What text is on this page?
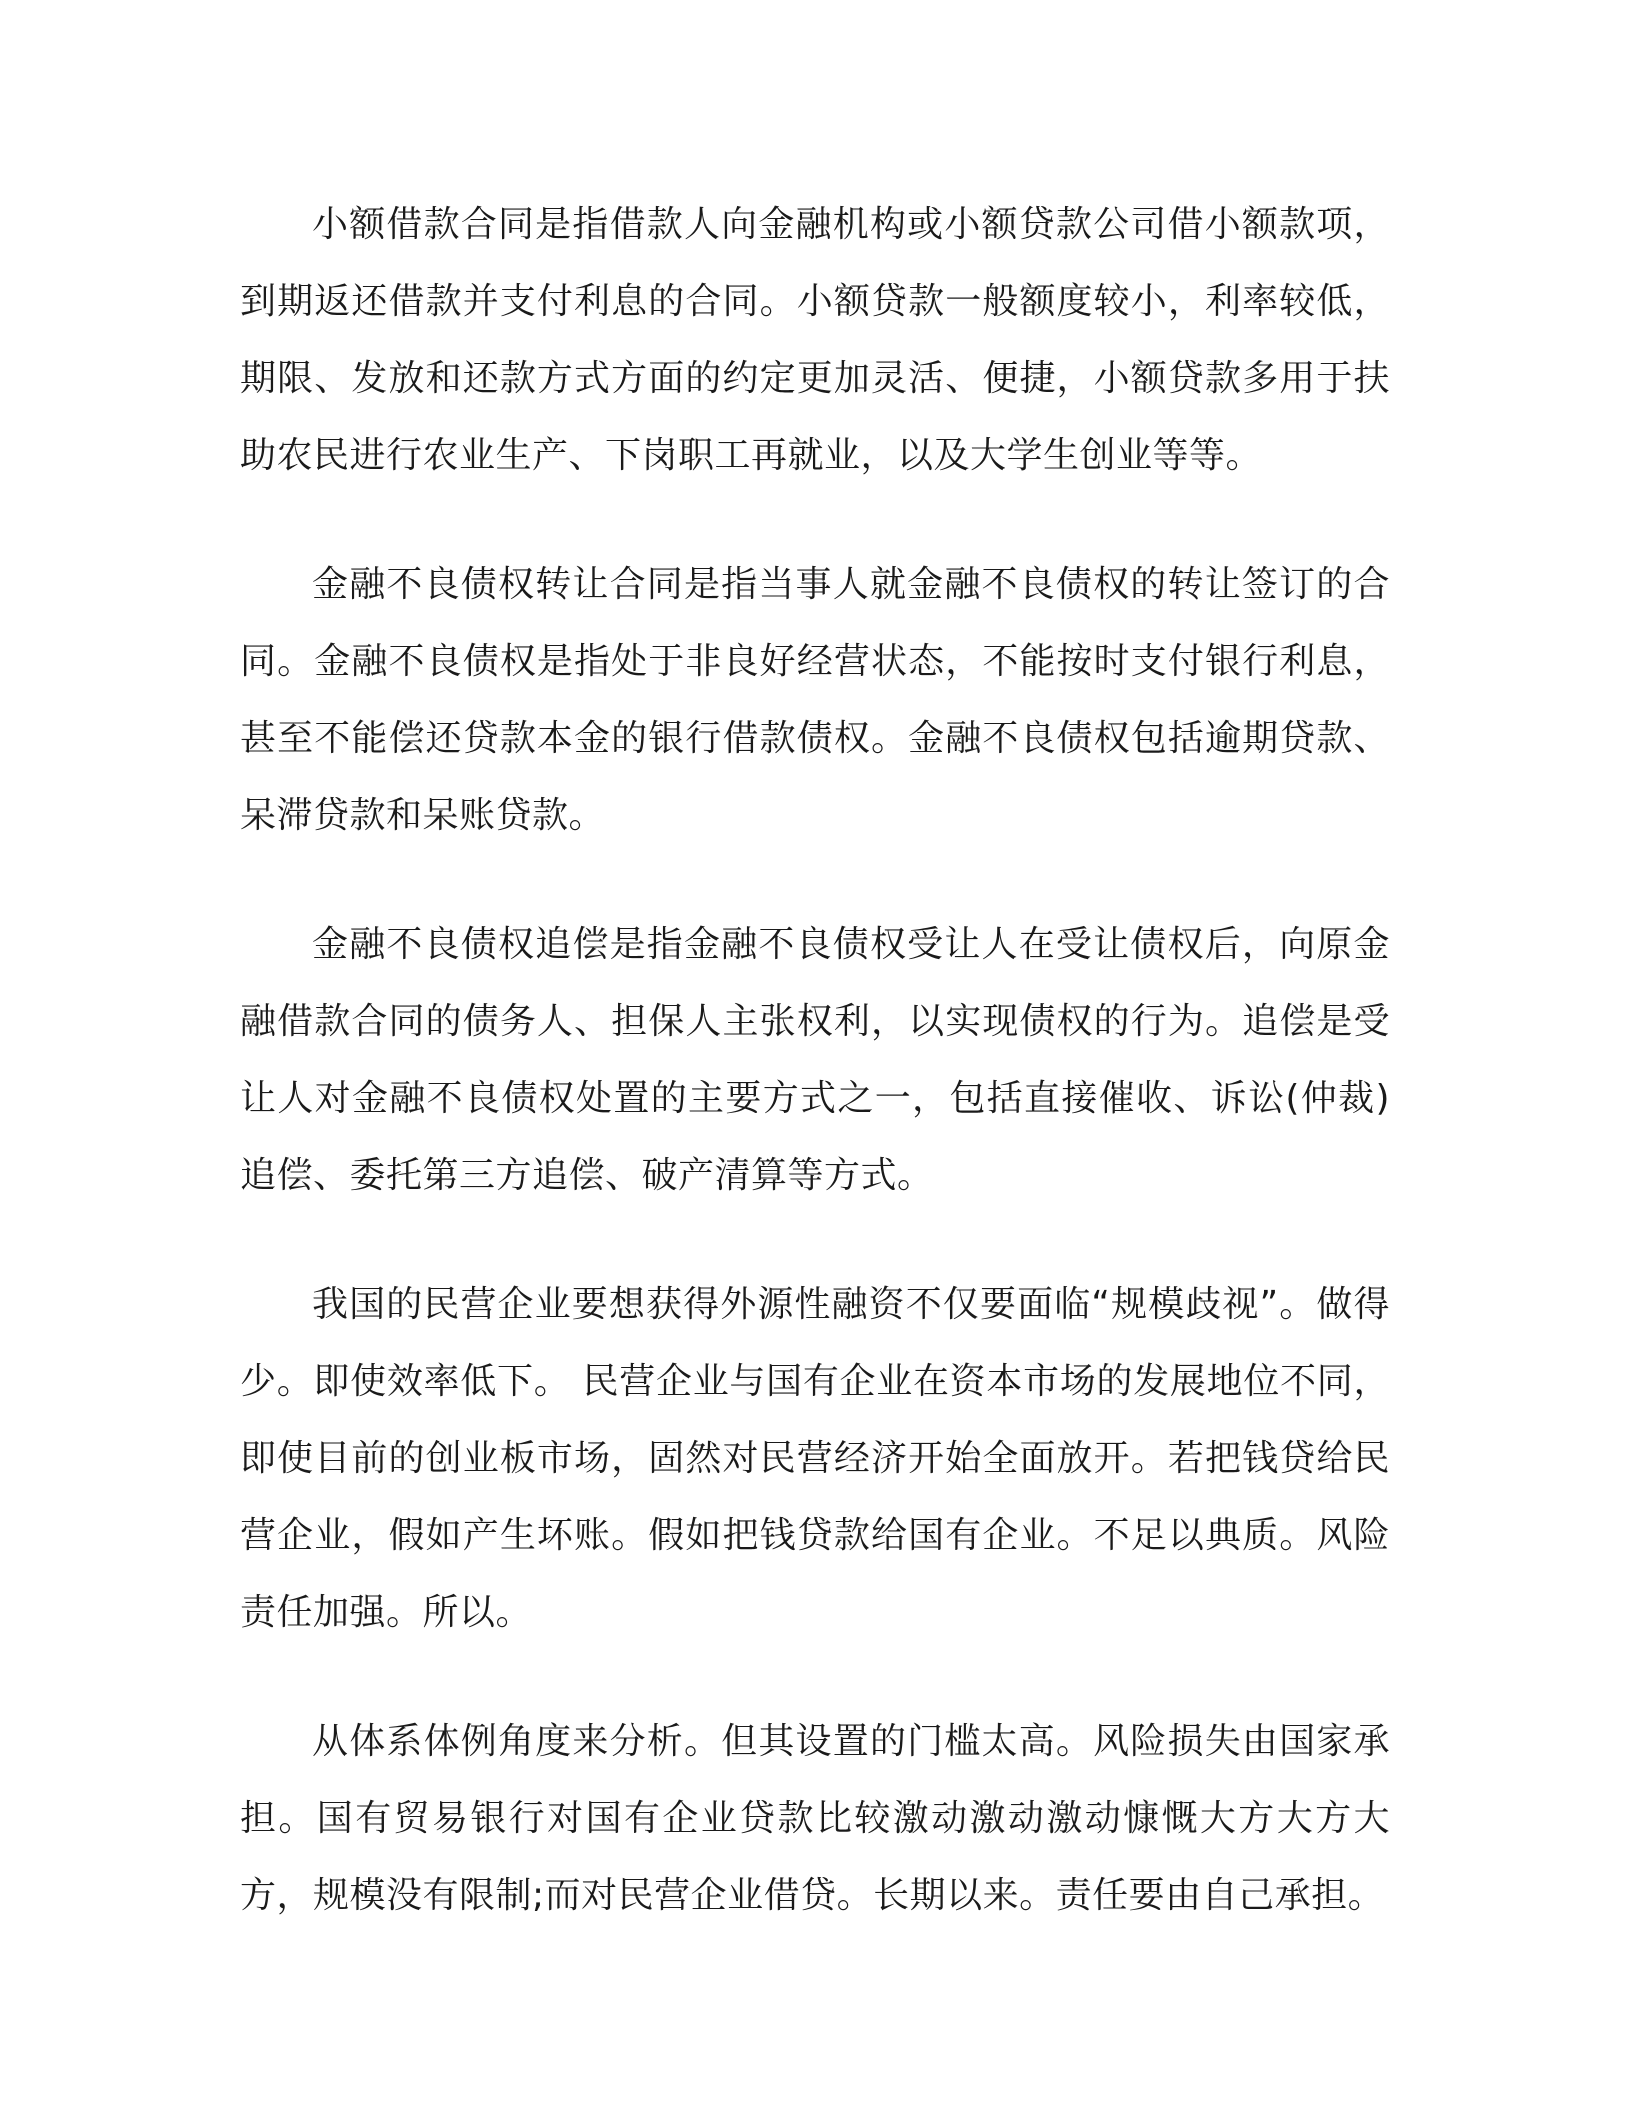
小额借款合同是指借款人向金融机构或小额贷款公司借小额款项，到期返还借款并支付利息的合同。小额贷款一般额度较小，利率较低，期限、发放和还款方式方面的约定更加灵活、便捷，小额贷款多用于扶助农民进行农业生产、下岗职工再就业，以及大学生创业等等。

金融不良债权转让合同是指当事人就金融不良债权的转让签订的合同。金融不良债权是指处于非良好经营状态，不能按时支付银行利息，甚至不能偿还贷款本金的银行借款债权。金融不良债权包括逾期贷款、呆滞贷款和呆账贷款。

金融不良债权追偿是指金融不良债权受让人在受让债权后，向原金融借款合同的债务人、担保人主张权利，以实现债权的行为。追偿是受让人对金融不良债权处置的主要方式之一，包括直接催收、诉讼(仲裁)追偿、委托第三方追偿、破产清算等方式。

我国的民营企业要想获得外源性融资不仅要面临“规模歧视”。做得少。即使效率低下。 民营企业与国有企业在资本市场的发展地位不同，即使目前的创业板市场，固然对民营经济开始全面放开。若把钱贷给民营企业，假如产生坏账。假如把钱贷款给国有企业。不足以典质。风险责任加强。所以。

从体系体例角度来分析。但其设置的门槛太高。风险损失由国家承担。国有贸易银行对国有企业贷款比较激动激动激动慷慨大方大方大方，规模没有限制;而对民营企业借贷。长期以来。责任要由自己承担。
